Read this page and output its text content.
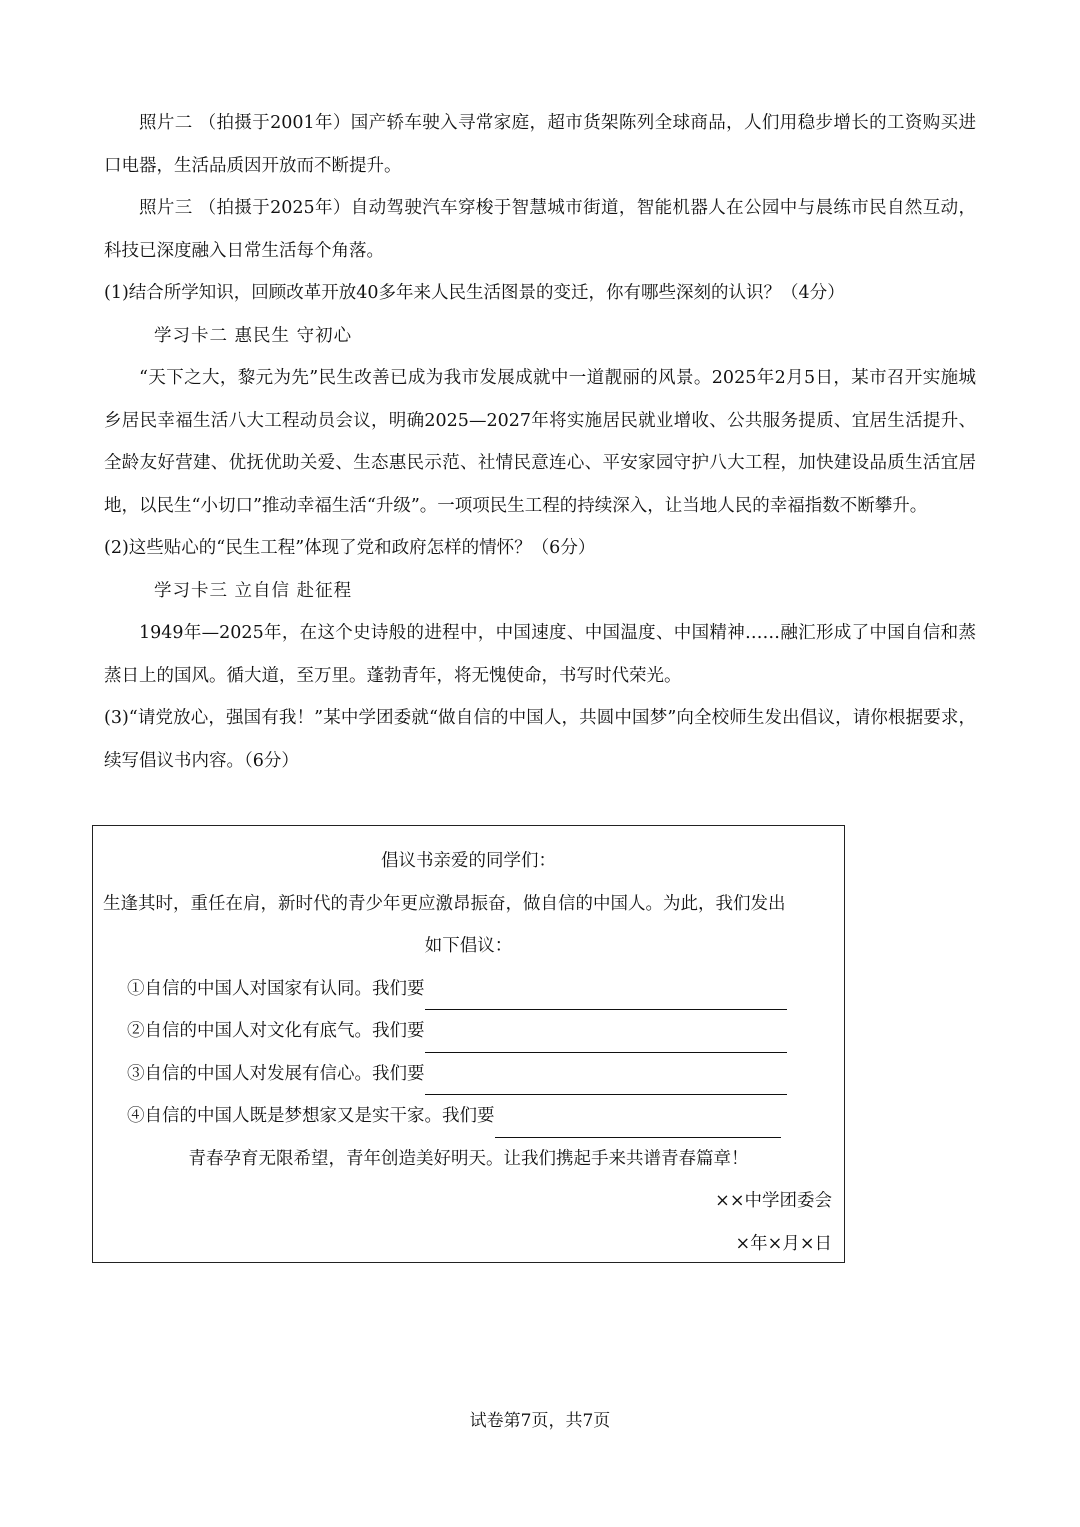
照片二 （拍摄于2001年）国产轿车驶入寻常家庭，超市货架陈列全球商品，人们用稳步增长的工资购买进口电器，生活品质因开放而不断提升。

照片三 （拍摄于2025年）自动驾驶汽车穿梭于智慧城市街道，智能机器人在公园中与晨练市民自然互动，科技已深度融入日常生活每个角落。

(1)结合所学知识，回顾改革开放40多年来人民生活图景的变迁，你有哪些深刻的认识？（4分）

学习卡二 惠民生 守初心

“天下之大，黎元为先”民生改善已成为我市发展成就中一道靓丽的风景。2025年2月5日，某市召开实施城乡居民幸福生活八大工程动员会议，明确2025—2027年将实施居民就业增收、公共服务提质、宜居生活提升、全龄友好营建、优抚优助关爱、生态惠民示范、社情民意连心、平安家园守护八大工程，加快建设品质生活宜居地，以民生“小切口”推动幸福生活“升级”。一项项民生工程的持续深入，让当地人民的幸福指数不断攀升。

(2)这些贴心的“民生工程”体现了党和政府怎样的情怀？（6分）

学习卡三 立自信 赴征程

1949年—2025年，在这个史诗般的进程中，中国速度、中国温度、中国精神……融汇形成了中国自信和蒸蒸日上的国风。循大道，至万里。蓬勃青年，将无愧使命，书写时代荣光。

(3)“请党放心，强国有我！”某中学团委就“做自信的中国人，共圆中国梦”向全校师生发出倡议，请你根据要求，续写倡议书内容。（6分）

倡议书亲爱的同学们：

生逢其时，重任在肩，新时代的青少年更应激昂振奋，做自信的中国人。为此，我们发出

如下倡议：

①自信的中国人对国家有认同。我们要

②自信的中国人对文化有底气。我们要

③自信的中国人对发展有信心。我们要

④自信的中国人既是梦想家又是实干家。我们要

青春孕育无限希望，青年创造美好明天。让我们携起手来共谱青春篇章！

××中学团委会

×年×月×日

试卷第7页，共7页
